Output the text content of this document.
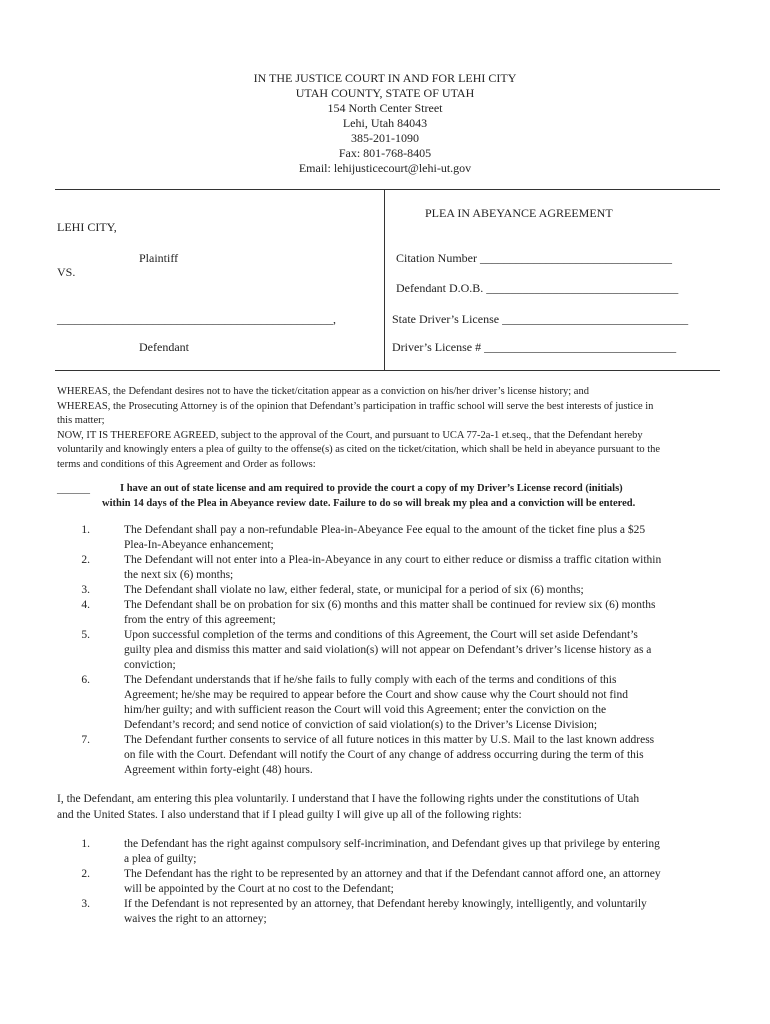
IN THE JUSTICE COURT IN AND FOR LEHI CITY
UTAH COUNTY, STATE OF UTAH
154 North Center Street
Lehi, Utah 84043
385-201-1090
Fax: 801-768-8405
Email: lehijusticecourt@lehi-ut.gov
LEHI CITY,
Plaintiff
VS.
______________________________________________,
Defendant
PLEA IN ABEYANCE AGREEMENT
Citation Number ________________________________
Defendant D.O.B. ________________________________
State Driver’s License _______________________________
Driver’s License # ________________________________
WHEREAS, the Defendant desires not to have the ticket/citation appear as a conviction on his/her driver’s license history; and
WHEREAS, the Prosecuting Attorney is of the opinion that Defendant’s participation in traffic school will serve the best interests of justice in
this matter;
NOW, IT IS THEREFORE AGREED, subject to the approval of the Court, and pursuant to UCA 77-2a-1 et.seq., that the Defendant hereby
voluntarily and knowingly enters a plea of guilty to the offense(s) as cited on the ticket/citation, which shall be held in abeyance pursuant to the
terms and conditions of this Agreement and Order as follows:
______	I have an out of state license and am required to provide the court a copy of my Driver’s License record (initials)
within 14 days of the Plea in Abeyance review date. Failure to do so will break my plea and a conviction will be entered.
1.	The Defendant shall pay a non-refundable Plea-in-Abeyance Fee equal to the amount of the ticket fine plus a $25
Plea-In-Abeyance enhancement;
2.	The Defendant will not enter into a Plea-in-Abeyance in any court to either reduce or dismiss a traffic citation within
the next six (6) months;
3.	The Defendant shall violate no law, either federal, state, or municipal for a period of six (6) months;
4.	The Defendant shall be on probation for six (6) months and this matter shall be continued for review six (6) months
from the entry of this agreement;
5.	Upon successful completion of the terms and conditions of this Agreement, the Court will set aside Defendant’s
guilty plea and dismiss this matter and said violation(s) will not appear on Defendant’s driver’s license history as a
conviction;
6.	The Defendant understands that if he/she fails to fully comply with each of the terms and conditions of this
Agreement; he/she may be required to appear before the Court and show cause why the Court should not find
him/her guilty; and with sufficient reason the Court will void this Agreement; enter the conviction on the
Defendant’s record; and send notice of conviction of said violation(s) to the Driver’s License Division;
7.	The Defendant further consents to service of all future notices in this matter by U.S. Mail to the last known address
on file with the Court. Defendant will notify the Court of any change of address occurring during the term of this
Agreement within forty-eight (48) hours.
I, the Defendant, am entering this plea voluntarily. I understand that I have the following rights under the constitutions of Utah
and the United States. I also understand that if I plead guilty I will give up all of the following rights:
1.	the Defendant has the right against compulsory self-incrimination, and Defendant gives up that privilege by entering
a plea of guilty;
2.	The Defendant has the right to be represented by an attorney and that if the Defendant cannot afford one, an attorney
will be appointed by the Court at no cost to the Defendant;
3.	If the Defendant is not represented by an attorney, that Defendant hereby knowingly, intelligently, and voluntarily
waives the right to an attorney;
